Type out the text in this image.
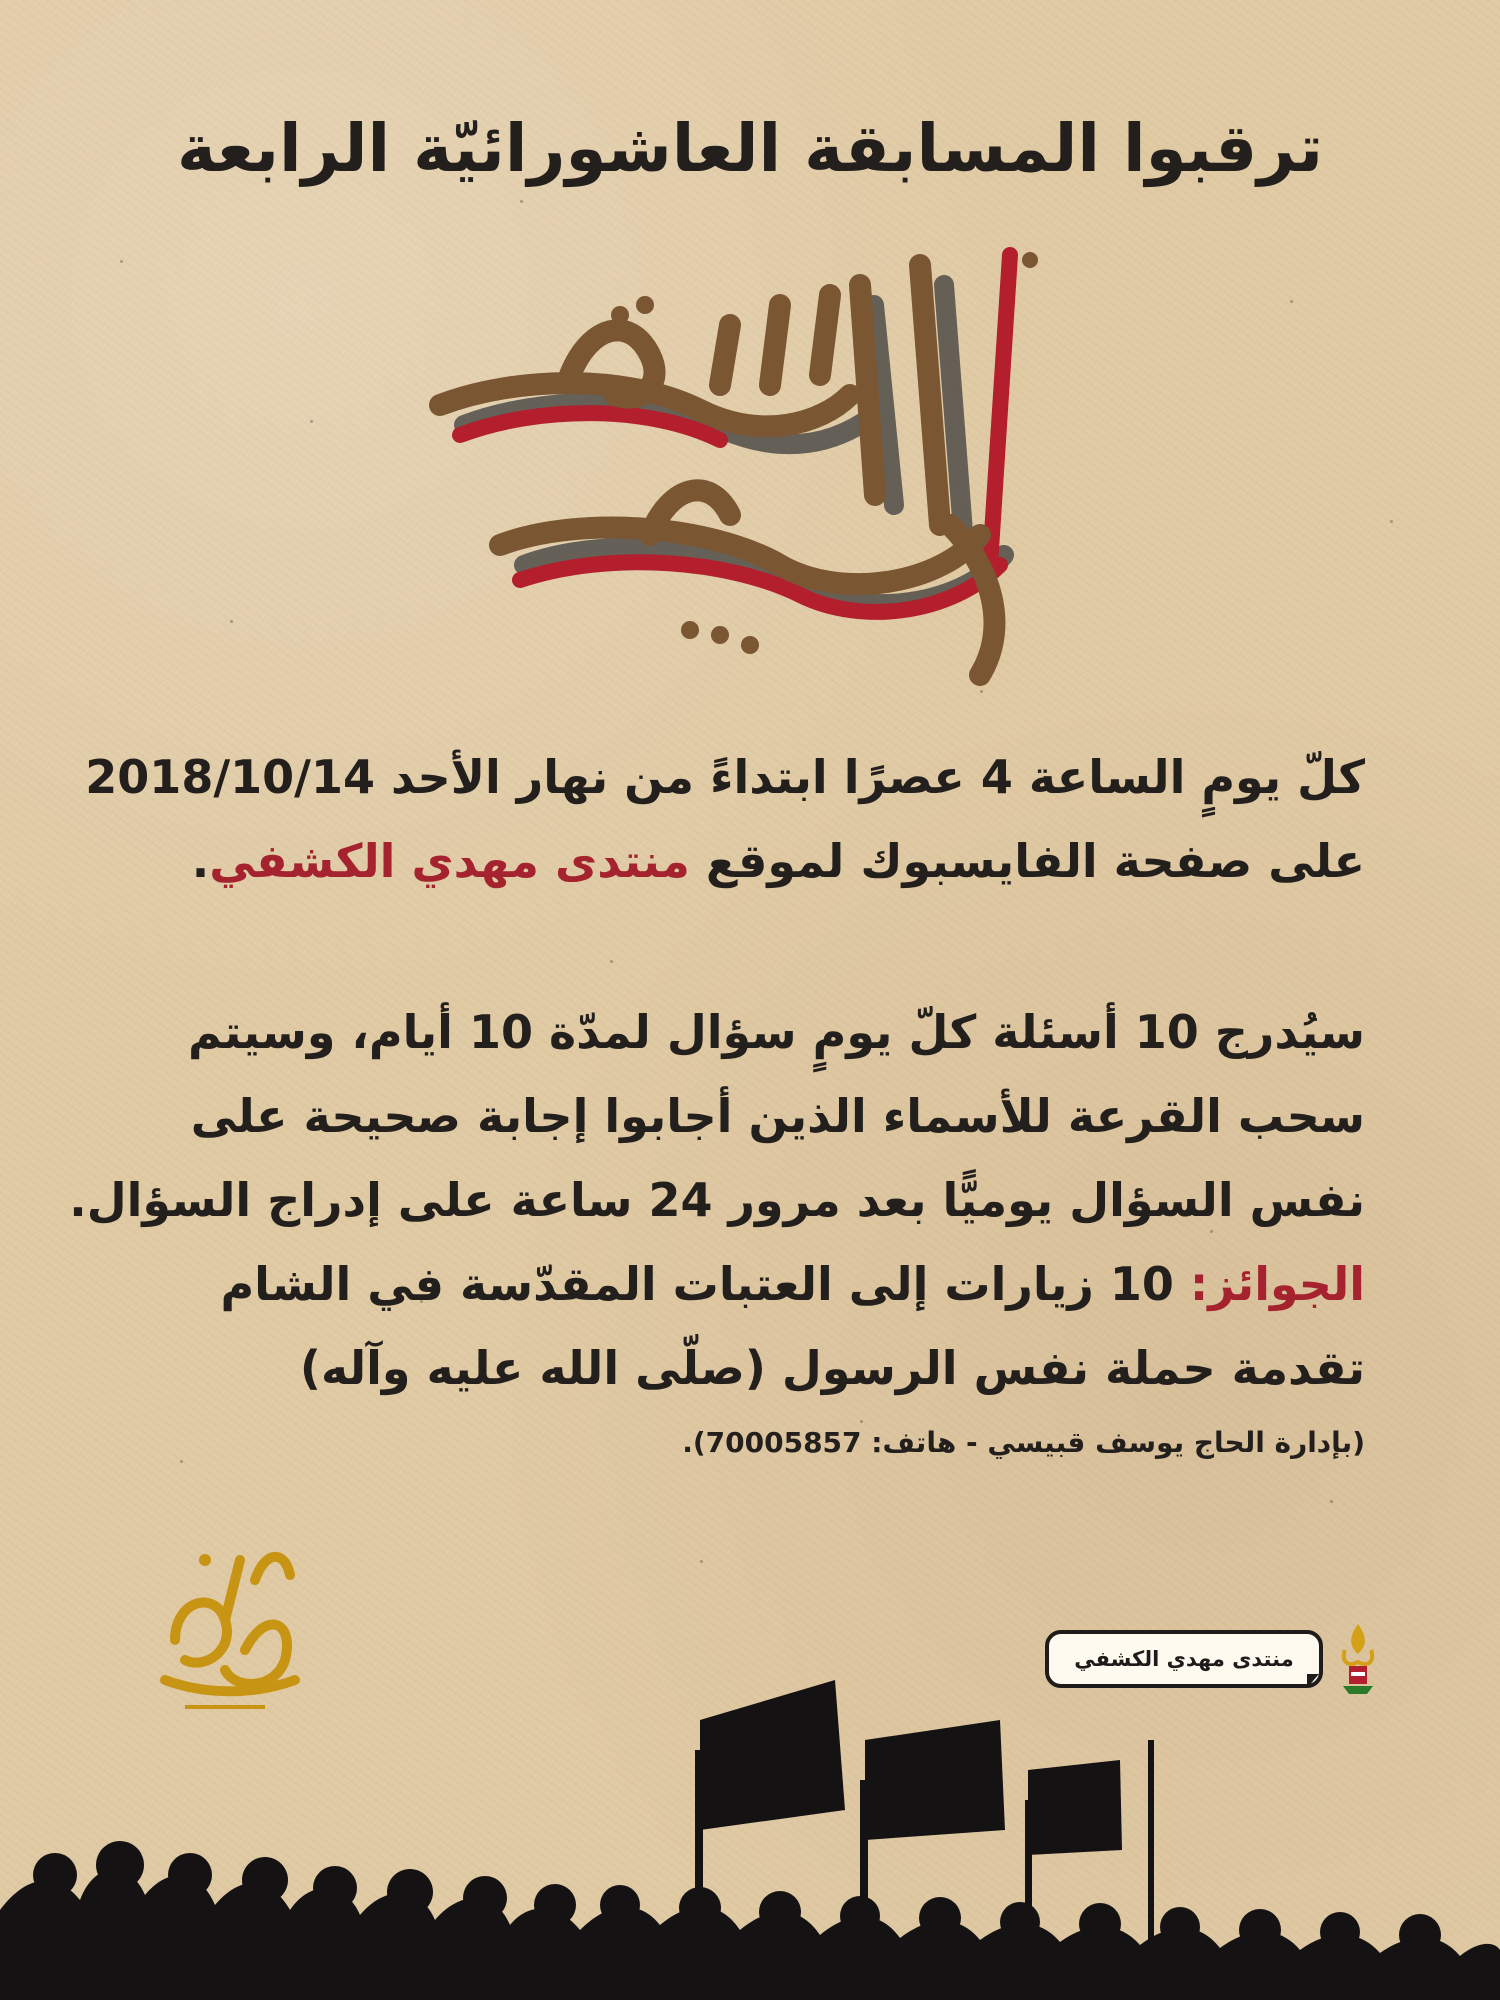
ترقبوا المسابقة العاشورائيّة الرابعة

كلّ يومٍ الساعة 4 عصرًا ابتداءً من نهار الأحد 2018/10/14

على صفحة الفايسبوك لموقع منتدى مهدي الكشفي.

سيُدرج 10 أسئلة كلّ يومٍ سؤال لمدّة 10 أيام، وسيتم

سحب القرعة للأسماء الذين أجابوا إجابة صحيحة على

نفس السؤال يوميًّا بعد مرور 24 ساعة على إدراج السؤال.

الجوائز: 10 زيارات إلى العتبات المقدّسة في الشام

تقدمة حملة نفس الرسول (صلّى الله عليه وآله)

(بإدارة الحاج يوسف قبيسي - هاتف: 70005857).

منتدى مهدي الكشفي
